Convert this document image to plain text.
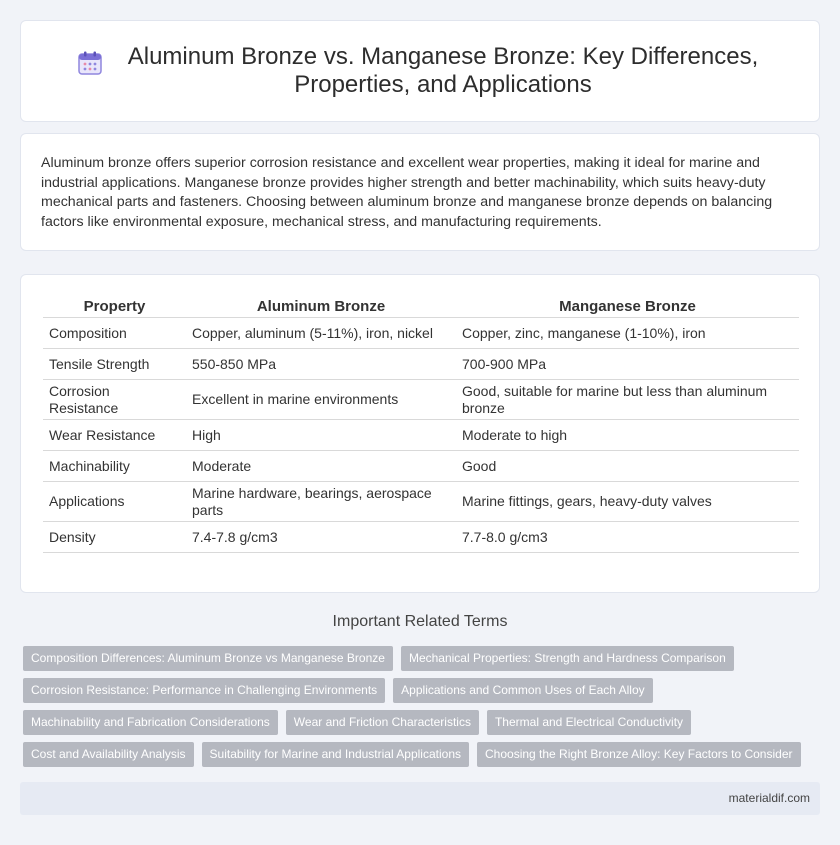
Aluminum Bronze vs. Manganese Bronze: Key Differences, Properties, and Applications

Aluminum bronze offers superior corrosion resistance and excellent wear properties, making it ideal for marine and industrial applications. Manganese bronze provides higher strength and better machinability, which suits heavy-duty mechanical parts and fasteners. Choosing between aluminum bronze and manganese bronze depends on balancing factors like environmental exposure, mechanical stress, and manufacturing requirements.

Property	Aluminum Bronze	Manganese Bronze
Composition	Copper, aluminum (5-11%), iron, nickel	Copper, zinc, manganese (1-10%), iron
Tensile Strength	550-850 MPa	700-900 MPa
Corrosion Resistance	Excellent in marine environments	Good, suitable for marine but less than aluminum bronze
Wear Resistance	High	Moderate to high
Machinability	Moderate	Good
Applications	Marine hardware, bearings, aerospace parts	Marine fittings, gears, heavy-duty valves
Density	7.4-7.8 g/cm3	7.7-8.0 g/cm3
Important Related Terms
Composition Differences: Aluminum Bronze vs Manganese Bronze	Mechanical Properties: Strength and Hardness Comparison
Corrosion Resistance: Performance in Challenging Environments	Applications and Common Uses of Each Alloy
Machinability and Fabrication Considerations	Wear and Friction Characteristics	Thermal and Electrical Conductivity
Cost and Availability Analysis	Suitability for Marine and Industrial Applications	Choosing the Right Bronze Alloy: Key Factors to Consider
materialdif.com
